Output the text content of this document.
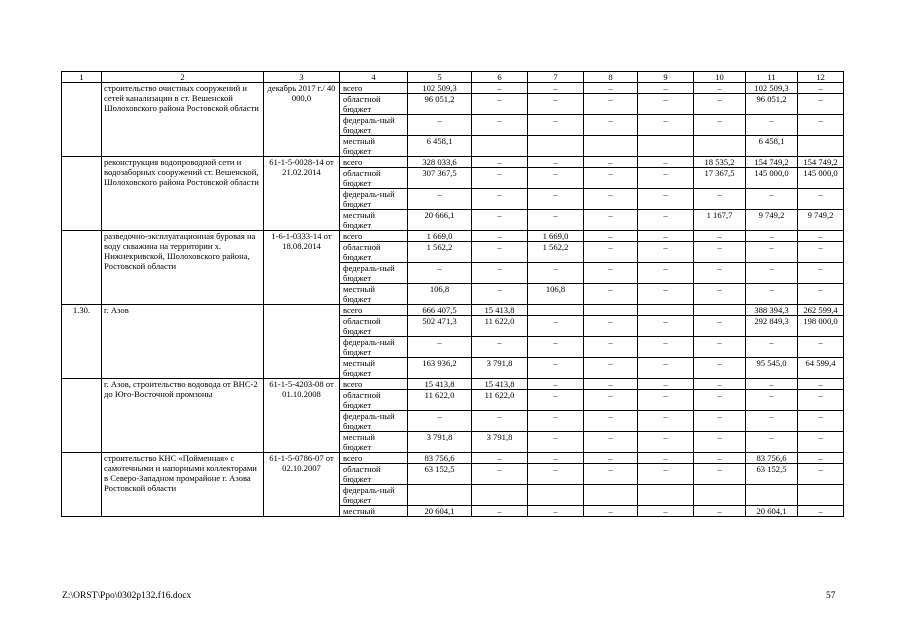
1	2	3	4	5	6	7	8	9	10	11	12
	строительство очистных сооружений и сетей канализации в ст. Вешенской Шолоховского района Ростовской области	декабрь 2017 г./ 40 000,0	всего	102 509,3	–	–	–	–	–	102 509,3	–
			областной бюджет	96 051,2	–	–	–	–	–	96 051,2	–
			федераль-ный бюджет	–	–	–	–	–	–	–	–
			местный бюджет	6 458,1						6 458,1	
	реконструкция водопроводной сети и водозаборных сооружений ст. Вешенской, Шолоховского района Ростовской области	61-1-5-0028-14 от 21.02.2014	всего	328 033,6	–	–	–	–	18 535,2	154 749,2	154 749,2
			областной бюджет	307 367,5	–	–	–	–	17 367,5	145 000,0	145 000,0
			федераль-ный бюджет	–	–	–	–	–	–	–	–
			местный бюджет	20 666,1	–	–	–	–	1 167,7	9 749,2	9 749,2
	разведочно-эксплуатационная буровая на воду скважина на территории х. Нижнекривской, Шолоховского района, Ростовской области	1-6-1-0333-14 от 18.08.2014	всего	1 669,0	–	1 669,0	–	–	–	–	–
			областной бюджет	1 562,2	–	1 562,2	–	–	–	–	–
			федераль-ный бюджет	–	–	–	–	–	–	–	–
			местный бюджет	106,8	–	106,8	–	–	–	–	–
1.30.	г. Азов		всего	666 407,5	15 413,8					388 394,3	262 599,4
			областной бюджет	502 471,3	11 622,0	–	–	–	–	292 849,3	198 000,0
			федераль-ный бюджет	–	–	–	–	–	–	–	–
			местный бюджет	163 936,2	3 791,8	–	–	–	–	95 545,0	64 599,4
	г. Азов, строительство водовода от ВНС-2 до Юго-Восточной промзоны	61-1-5-4203-08 от 01.10.2008	всего	15 413,8	15 413,8	–	–	–	–	–	–
			областной бюджет	11 622,0	11 622,0	–	–	–	–	–	–
			федераль-ный бюджет	–	–	–	–	–	–	–	–
			местный бюджет	3 791,8	3 791,8	–	–	–	–	–	–
	строительство КНС «Пойменная» с самотечными и напорными коллекторами в Северо-Западном промрайоне г. Азова Ростовской области	61-1-5-0786-07 от 02.10.2007	всего	83 756,6	–	–	–	–	–	83 756,6	–
			областной бюджет	63 152,5	–	–	–	–	–	63 152,5	–
			федераль-ный бюджет								
			местный	20 604,1	–	–	–	–	–	20 604,1	–
Z:\ORST\Ppo\0302p132.f16.docx	57
